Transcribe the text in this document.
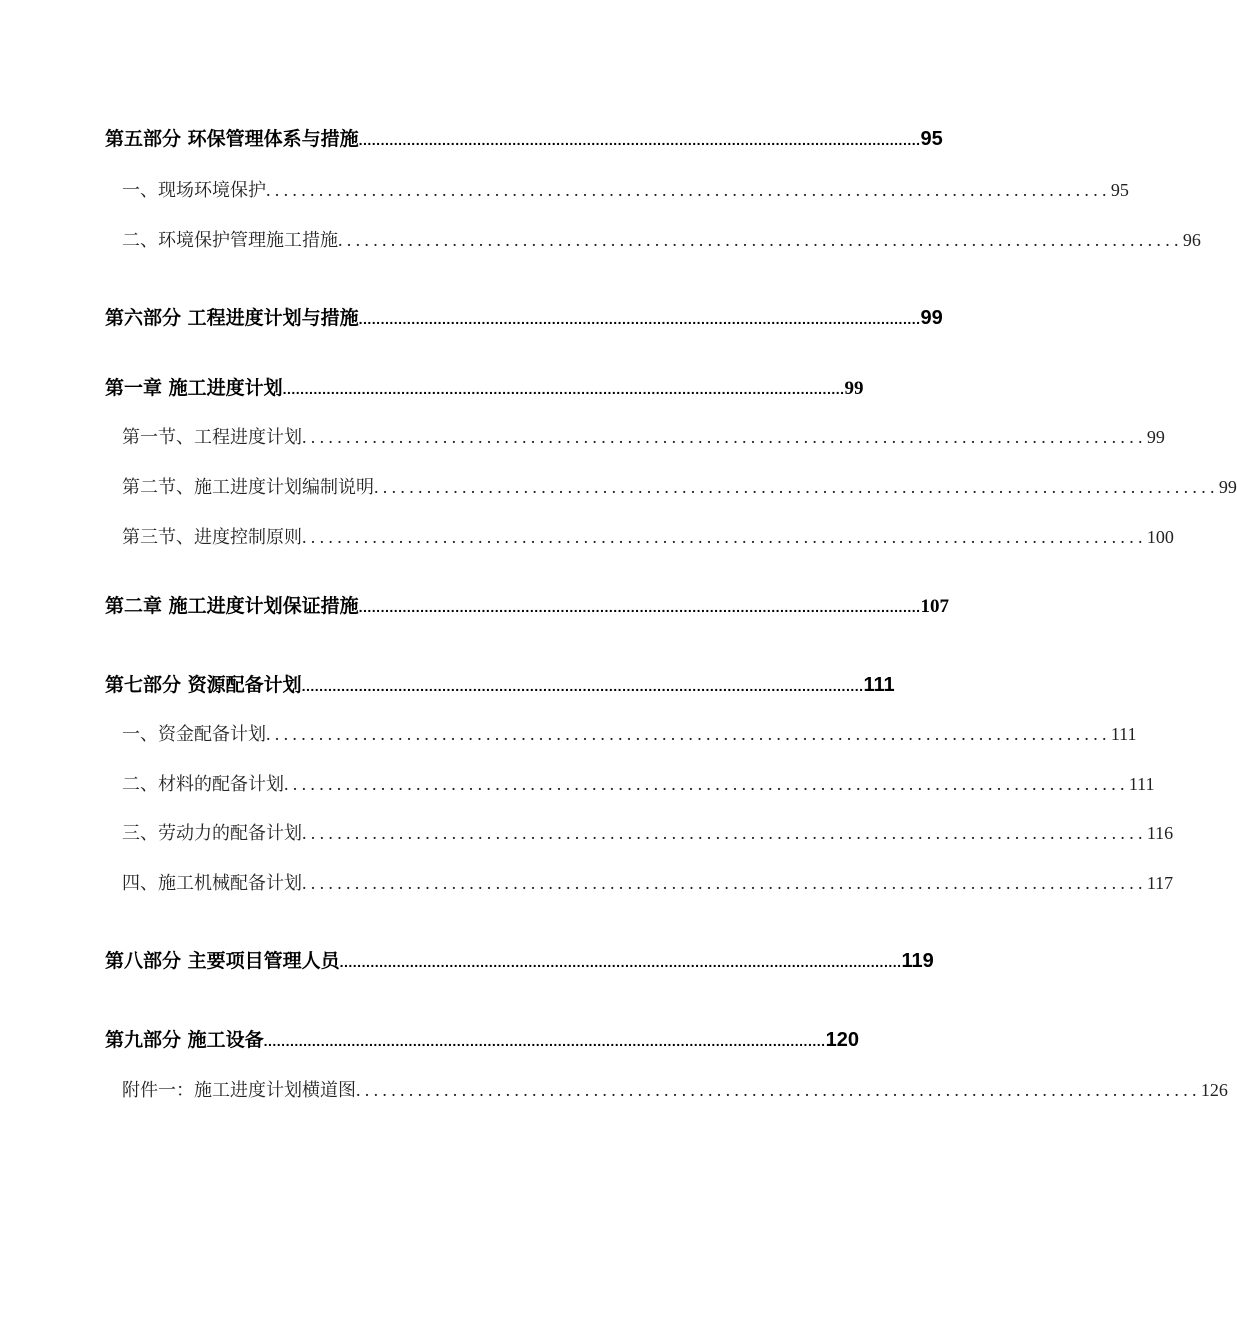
第五部分 环保管理体系与措施 ................................................................................................................................ 95
一、现场环境保护 ................................................................................................ 95
二、环境保护管理施工措施 ................................................................................................ 96
第六部分 工程进度计划与措施 ................................................................................................................................ 99
第一章 施工进度计划 ................................................................................................................................ 99
第一节、工程进度计划 ................................................................................................ 99
第二节、施工进度计划编制说明 ................................................................................................ 99
第三节、进度控制原则 ................................................................................................ 100
第二章 施工进度计划保证措施 ................................................................................................................................ 107
第七部分 资源配备计划 ................................................................................................................................ 111
一、资金配备计划 ................................................................................................ 111
二、材料的配备计划 ................................................................................................ 111
三、劳动力的配备计划 ................................................................................................ 116
四、施工机械配备计划 ................................................................................................ 117
第八部分 主要项目管理人员 ................................................................................................................................ 119
第九部分 施工设备 ................................................................................................................................ 120
附件一：施工进度计划横道图 ................................................................................................ 126
